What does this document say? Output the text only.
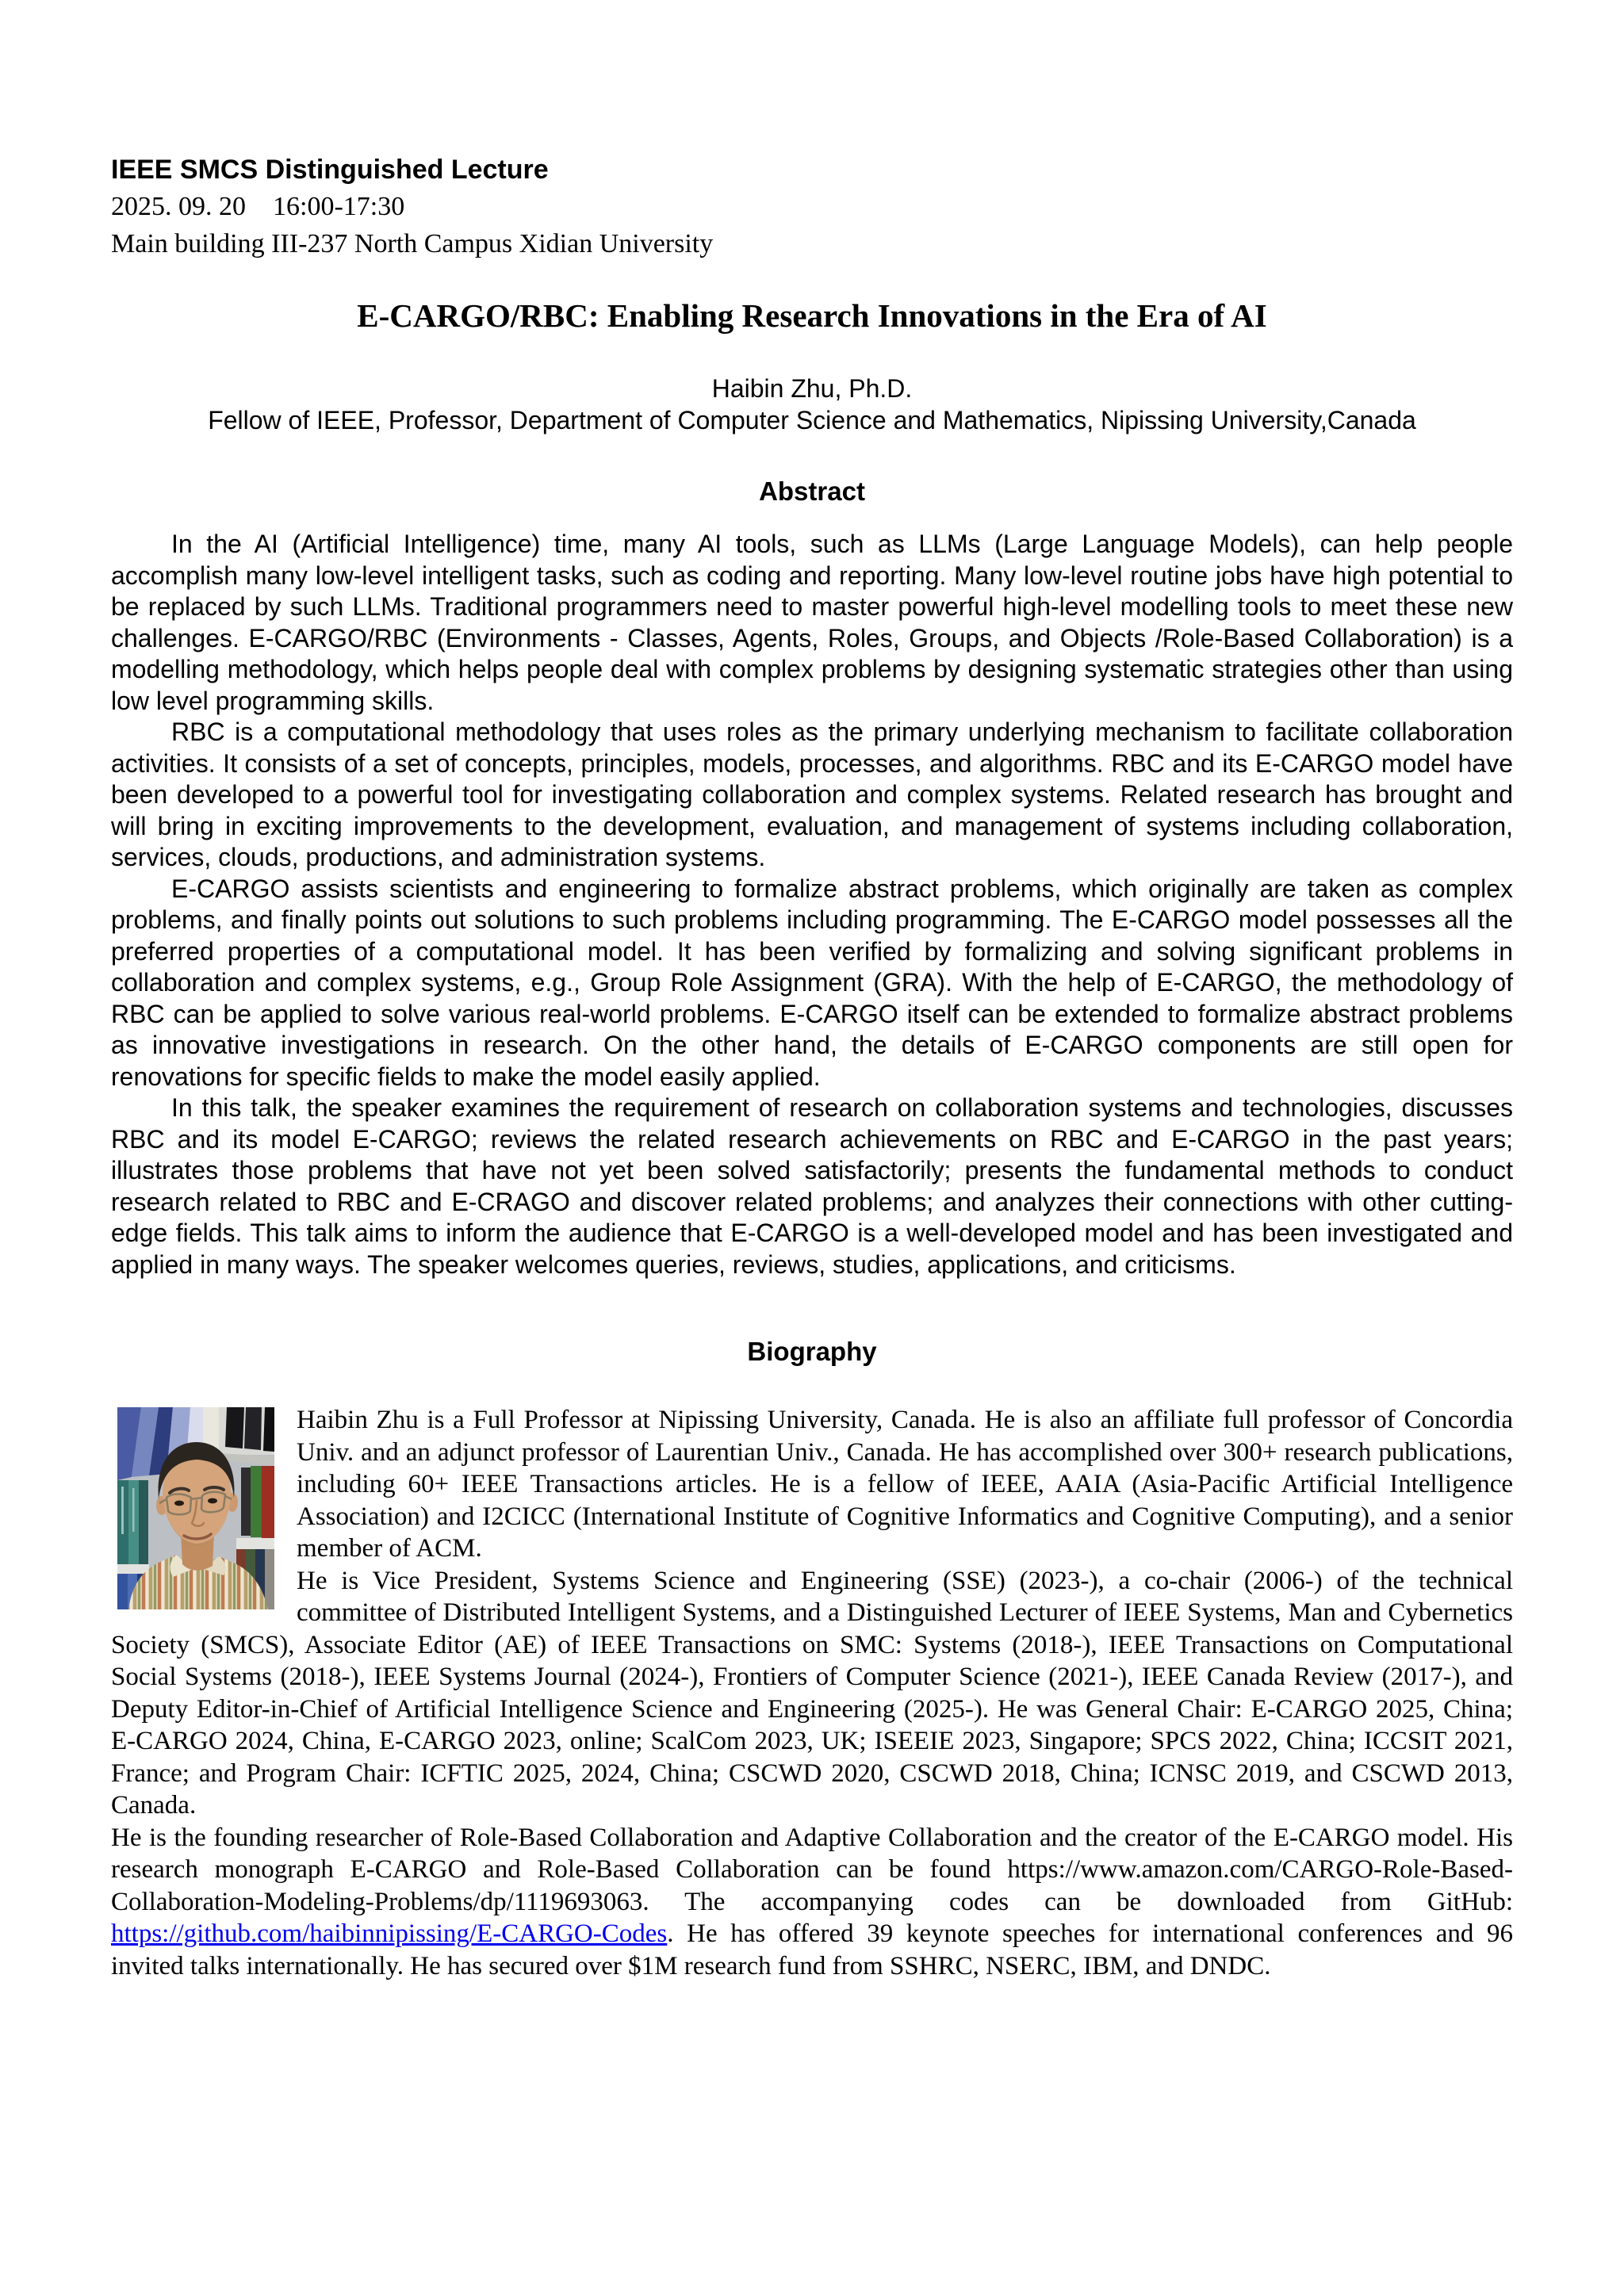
IEEE SMCS Distinguished Lecture
2025. 09. 20    16:00-17:30
Main building III-237 North Campus Xidian University
E-CARGO/RBC: Enabling Research Innovations in the Era of AI
Haibin Zhu, Ph.D.
Fellow of IEEE, Professor, Department of Computer Science and Mathematics, Nipissing University,Canada
Abstract

In the AI (Artificial Intelligence) time, many AI tools, such as LLMs (Large Language Models), can help people accomplish many low-level intelligent tasks, such as coding and reporting. Many low-level routine jobs have high potential to be replaced by such LLMs. Traditional programmers need to master powerful high-level modelling tools to meet these new challenges. E-CARGO/RBC (Environments - Classes, Agents, Roles, Groups, and Objects /Role-Based Collaboration) is a modelling methodology, which helps people deal with complex problems by designing systematic strategies other than using low level programming skills.

RBC is a computational methodology that uses roles as the primary underlying mechanism to facilitate collaboration activities. It consists of a set of concepts, principles, models, processes, and algorithms. RBC and its E-CARGO model have been developed to a powerful tool for investigating collaboration and complex systems. Related research has brought and will bring in exciting improvements to the development, evaluation, and management of systems including collaboration, services, clouds, productions, and administration systems.

E-CARGO assists scientists and engineering to formalize abstract problems, which originally are taken as complex problems, and finally points out solutions to such problems including programming. The E-CARGO model possesses all the preferred properties of a computational model. It has been verified by formalizing and solving significant problems in collaboration and complex systems, e.g., Group Role Assignment (GRA). With the help of E-CARGO, the methodology of RBC can be applied to solve various real-world problems. E-CARGO itself can be extended to formalize abstract problems as innovative investigations in research. On the other hand, the details of E-CARGO components are still open for renovations for specific fields to make the model easily applied.

In this talk, the speaker examines the requirement of research on collaboration systems and technologies, discusses RBC and its model E-CARGO; reviews the related research achievements on RBC and E-CARGO in the past years; illustrates those problems that have not yet been solved satisfactorily; presents the fundamental methods to conduct research related to RBC and E-CRAGO and discover related problems; and analyzes their connections with other cutting-edge fields. This talk aims to inform the audience that E-CARGO is a well-developed model and has been investigated and applied in many ways. The speaker welcomes queries, reviews, studies, applications, and criticisms.

Biography

Haibin Zhu is a Full Professor at Nipissing University, Canada. He is also an affiliate full professor of Concordia Univ. and an adjunct professor of Laurentian Univ., Canada. He has accomplished over 300+ research publications, including 60+ IEEE Transactions articles. He is a fellow of IEEE, AAIA (Asia-Pacific Artificial Intelligence Association) and I2CICC (International Institute of Cognitive Informatics and Cognitive Computing), and a senior member of ACM.

He is Vice President, Systems Science and Engineering (SSE) (2023-), a co-chair (2006-) of the technical committee of Distributed Intelligent Systems, and a Distinguished Lecturer of IEEE Systems, Man and Cybernetics Society (SMCS), Associate Editor (AE) of IEEE Transactions on SMC: Systems (2018-), IEEE Transactions on Computational Social Systems (2018-), IEEE Systems Journal (2024-), Frontiers of Computer Science (2021-), IEEE Canada Review (2017-), and Deputy Editor-in-Chief of Artificial Intelligence Science and Engineering (2025-). He was General Chair: E-CARGO 2025, China; E-CARGO 2024, China, E-CARGO 2023, online; ScalCom 2023, UK; ISEEIE 2023, Singapore; SPCS 2022, China; ICCSIT 2021, France; and Program Chair: ICFTIC 2025, 2024, China; CSCWD 2020, CSCWD 2018, China; ICNSC 2019, and CSCWD 2013, Canada.

He is the founding researcher of Role-Based Collaboration and Adaptive Collaboration and the creator of the E-CARGO model. His research monograph E-CARGO and Role-Based Collaboration can be found https://www.amazon.com/CARGO-Role-Based-Collaboration-Modeling-Problems/dp/1119693063. The accompanying codes can be downloaded from GitHub: https://github.com/haibinnipissing/E-CARGO-Codes. He has offered 39 keynote speeches for international conferences and 96 invited talks internationally. He has secured over $1M research fund from SSHRC, NSERC, IBM, and DNDC.
